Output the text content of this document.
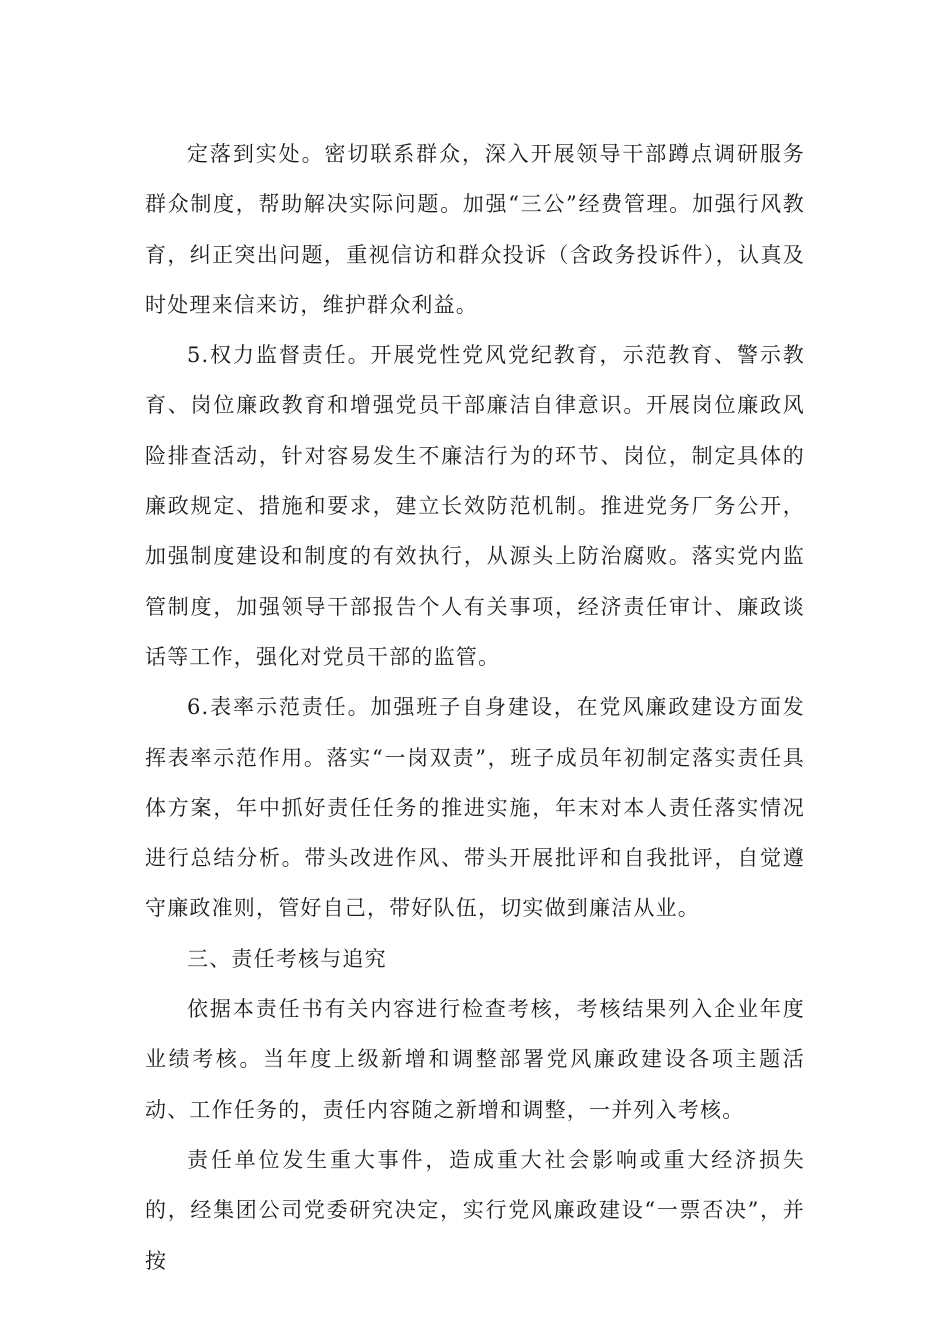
定落到实处。密切联系群众，深入开展领导干部蹲点调研服务群众制度，帮助解决实际问题。加强“三公”经费管理。加强行风教育，纠正突出问题，重视信访和群众投诉（含政务投诉件），认真及时处理来信来访，维护群众利益。

5.权力监督责任。开展党性党风党纪教育，示范教育、警示教育、岗位廉政教育和增强党员干部廉洁自律意识。开展岗位廉政风险排查活动，针对容易发生不廉洁行为的环节、岗位，制定具体的廉政规定、措施和要求，建立长效防范机制。推进党务厂务公开，加强制度建设和制度的有效执行，从源头上防治腐败。落实党内监管制度，加强领导干部报告个人有关事项，经济责任审计、廉政谈话等工作，强化对党员干部的监管。

6.表率示范责任。加强班子自身建设，在党风廉政建设方面发挥表率示范作用。落实“一岗双责”，班子成员年初制定落实责任具体方案，年中抓好责任任务的推进实施，年末对本人责任落实情况进行总结分析。带头改进作风、带头开展批评和自我批评，自觉遵守廉政准则，管好自己，带好队伍，切实做到廉洁从业。

三、责任考核与追究

依据本责任书有关内容进行检查考核，考核结果列入企业年度业绩考核。当年度上级新增和调整部署党风廉政建设各项主题活动、工作任务的，责任内容随之新增和调整，一并列入考核。

责任单位发生重大事件，造成重大社会影响或重大经济损失的，经集团公司党委研究决定，实行党风廉政建设“一票否决”，并按
